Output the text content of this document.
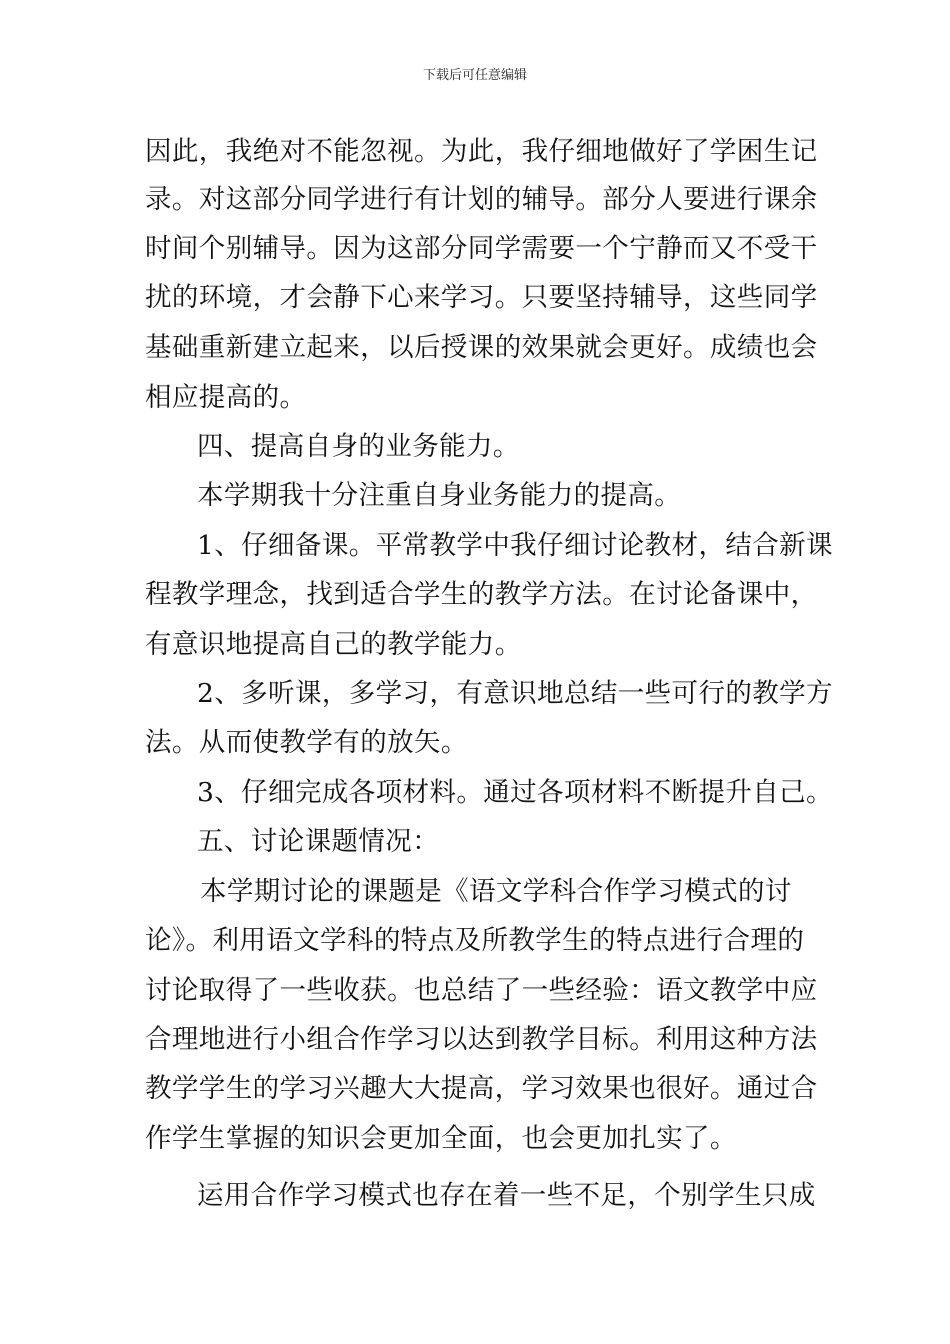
下载后可任意编辑
因此，我绝对不能忽视。为此，我仔细地做好了学困生记
录。对这部分同学进行有计划的辅导。部分人要进行课余
时间个别辅导。因为这部分同学需要一个宁静而又不受干
扰的环境，才会静下心来学习。只要坚持辅导，这些同学
基础重新建立起来，以后授课的效果就会更好。成绩也会
相应提高的。
四、提高自身的业务能力。
本学期我十分注重自身业务能力的提高。
1、仔细备课。平常教学中我仔细讨论教材，结合新课
程教学理念，找到适合学生的教学方法。在讨论备课中，
有意识地提高自己的教学能力。
2、多听课，多学习，有意识地总结一些可行的教学方
法。从而使教学有的放矢。
3、仔细完成各项材料。通过各项材料不断提升自己。
五、讨论课题情况：
本学期讨论的课题是《语文学科合作学习模式的讨
论》。利用语文学科的特点及所教学生的特点进行合理的
讨论取得了一些收获。也总结了一些经验：语文教学中应
合理地进行小组合作学习以达到教学目标。利用这种方法
教学学生的学习兴趣大大提高，学习效果也很好。通过合
作学生掌握的知识会更加全面，也会更加扎实了。
运用合作学习模式也存在着一些不足，个别学生只成
